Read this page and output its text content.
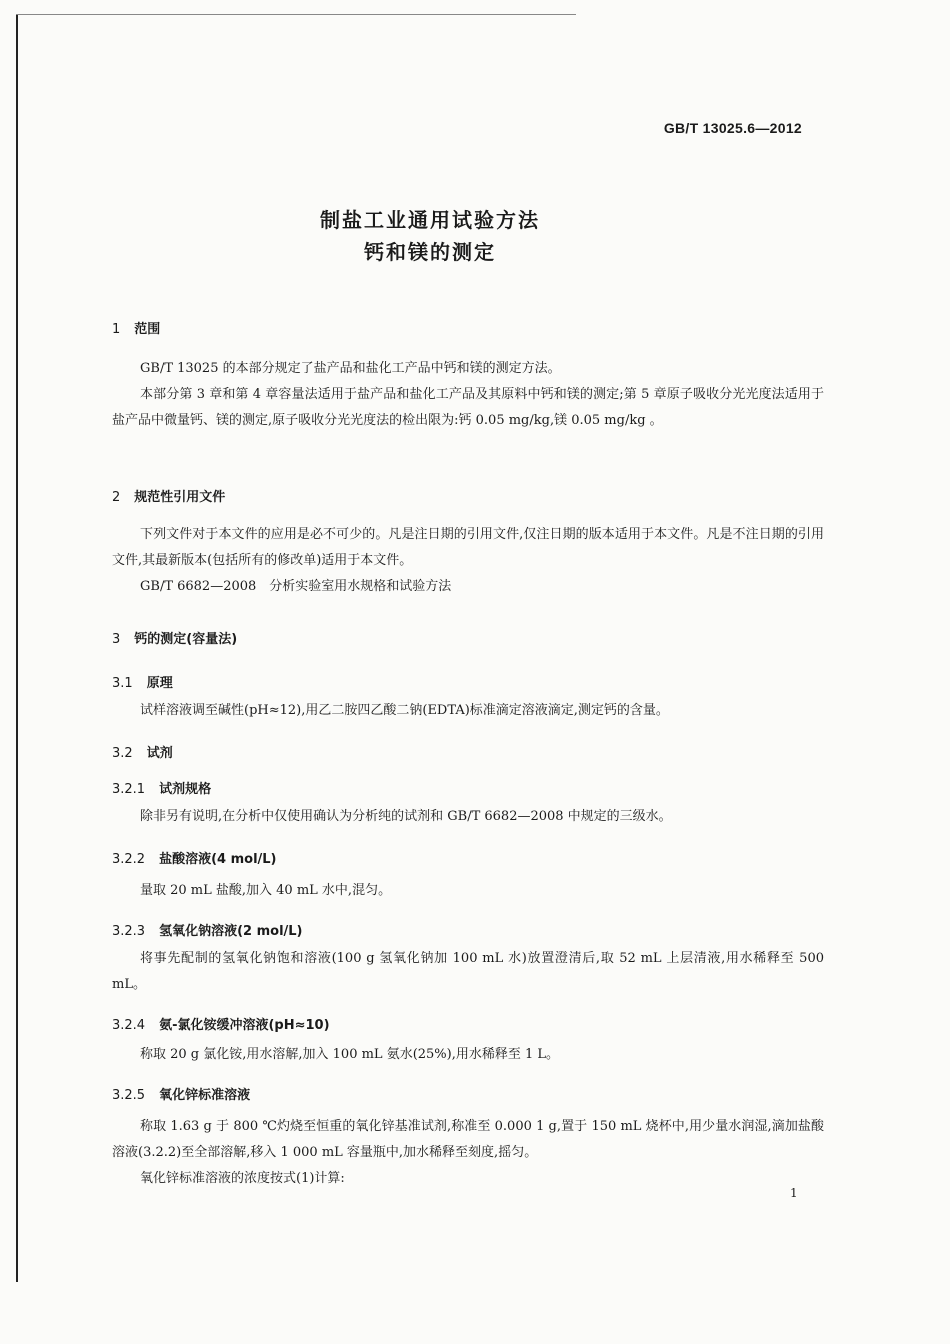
GB/T 13025.6—2012
制盐工业通用试验方法
钙和镁的测定
1 范围

GB/T 13025 的本部分规定了盐产品和盐化工产品中钙和镁的测定方法。

本部分第 3 章和第 4 章容量法适用于盐产品和盐化工产品及其原料中钙和镁的测定;第 5 章原子吸收分光光度法适用于盐产品中微量钙、镁的测定,原子吸收分光光度法的检出限为:钙 0.05 mg/kg,镁 0.05 mg/kg 。

2 规范性引用文件

下列文件对于本文件的应用是必不可少的。凡是注日期的引用文件,仅注日期的版本适用于本文件。凡是不注日期的引用文件,其最新版本(包括所有的修改单)适用于本文件。

GB/T 6682—2008　分析实验室用水规格和试验方法

3 钙的测定(容量法)
3.1 原理

试样溶液调至碱性(pH≈12),用乙二胺四乙酸二钠(EDTA)标准滴定溶液滴定,测定钙的含量。

3.2 试剂
3.2.1 试剂规格

除非另有说明,在分析中仅使用确认为分析纯的试剂和 GB/T 6682—2008 中规定的三级水。

3.2.2 盐酸溶液(4 mol/L)

量取 20 mL 盐酸,加入 40 mL 水中,混匀。

3.2.3 氢氧化钠溶液(2 mol/L)

将事先配制的氢氧化钠饱和溶液(100 g 氢氧化钠加 100 mL 水)放置澄清后,取 52 mL 上层清液,用水稀释至 500 mL。

3.2.4 氨-氯化铵缓冲溶液(pH≈10)

称取 20 g 氯化铵,用水溶解,加入 100 mL 氨水(25%),用水稀释至 1 L。

3.2.5 氧化锌标准溶液

称取 1.63 g 于 800 ℃灼烧至恒重的氧化锌基准试剂,称准至 0.000 1 g,置于 150 mL 烧杯中,用少量水润湿,滴加盐酸溶液(3.2.2)至全部溶解,移入 1 000 mL 容量瓶中,加水稀释至刻度,摇匀。

氧化锌标准溶液的浓度按式(1)计算:

1
